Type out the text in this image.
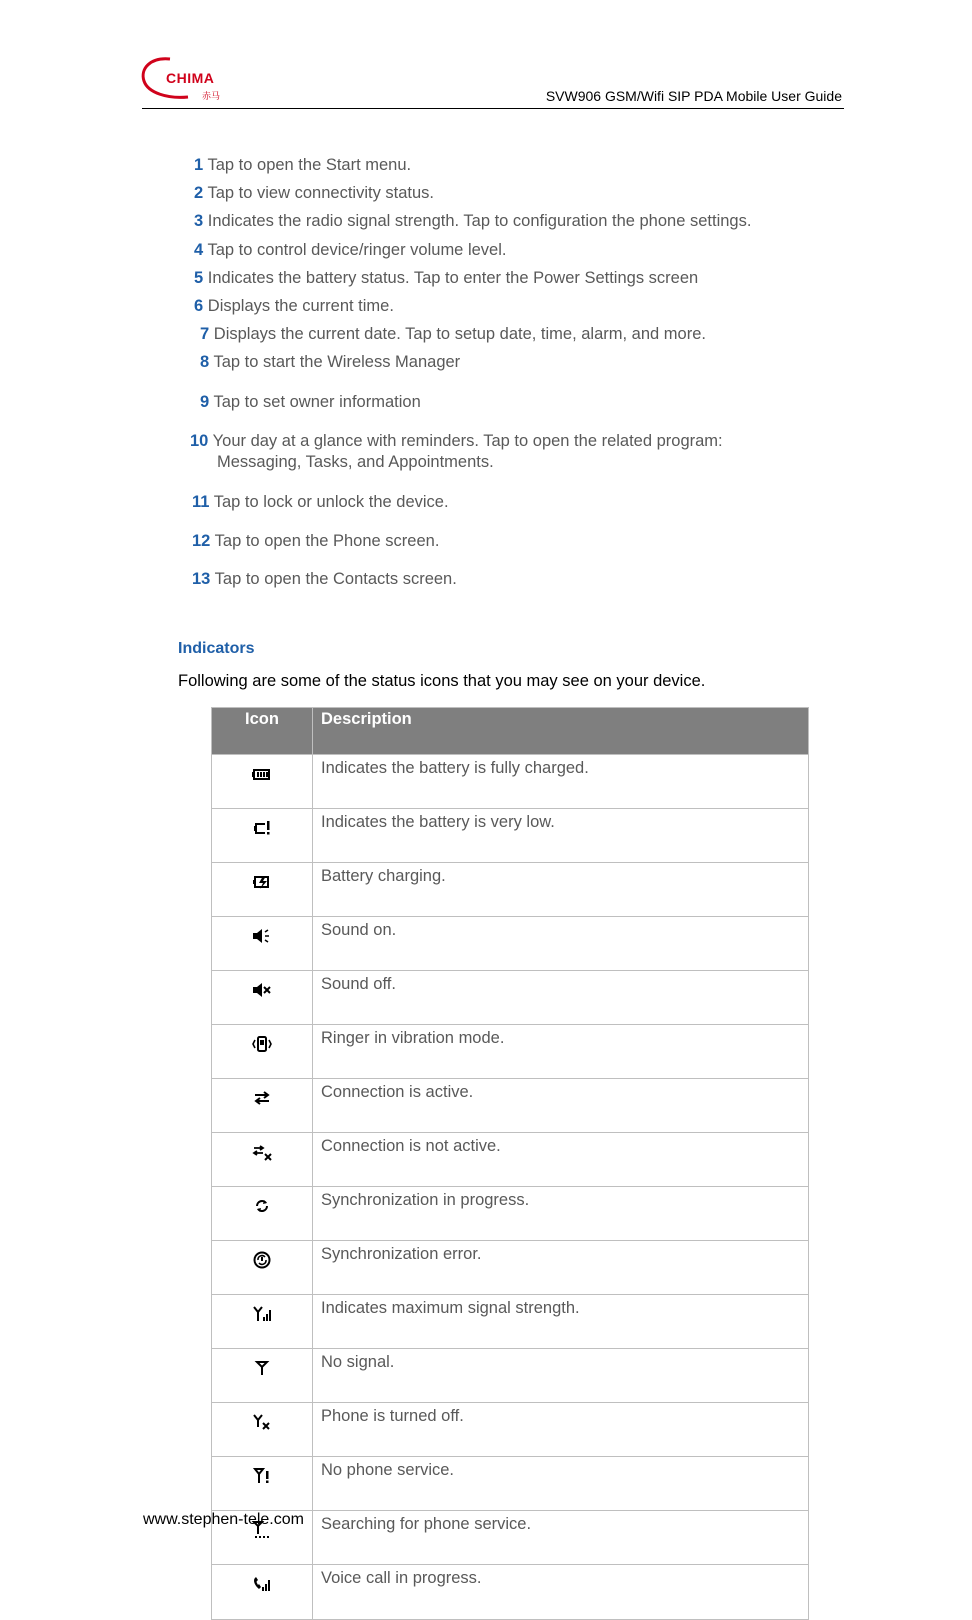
CHIMA
赤马	SVW906 GSM/Wifi SIP PDA Mobile User Guide
1 Tap to open the Start menu.
2 Tap to view connectivity status.
3 Indicates the radio signal strength. Tap to configuration the phone settings.
4 Tap to control device/ringer volume level.
5 Indicates the battery status. Tap to enter the Power Settings screen
6 Displays the current time.
7 Displays the current date. Tap to setup date, time, alarm, and more.
8 Tap to start the Wireless Manager
9 Tap to set owner information
10 Your day at a glance with reminders. Tap to open the related program:
Messaging, Tasks, and Appointments.
11 Tap to lock or unlock the device.
12 Tap to open the Phone screen.
13 Tap to open the Contacts screen.
Indicators
Following are some of the status icons that you may see on your device.
Icon	Description
	Indicates the battery is fully charged.
	Indicates the battery is very low.
	Battery charging.
	Sound on.
	Sound off.
	Ringer in vibration mode.
	Connection is active.
	Connection is not active.
	Synchronization in progress.
	Synchronization error.
	Indicates maximum signal strength.
	No signal.
	Phone is turned off.
	No phone service.
	Searching for phone service.
	Voice call in progress.
www.stephen-tele.com
